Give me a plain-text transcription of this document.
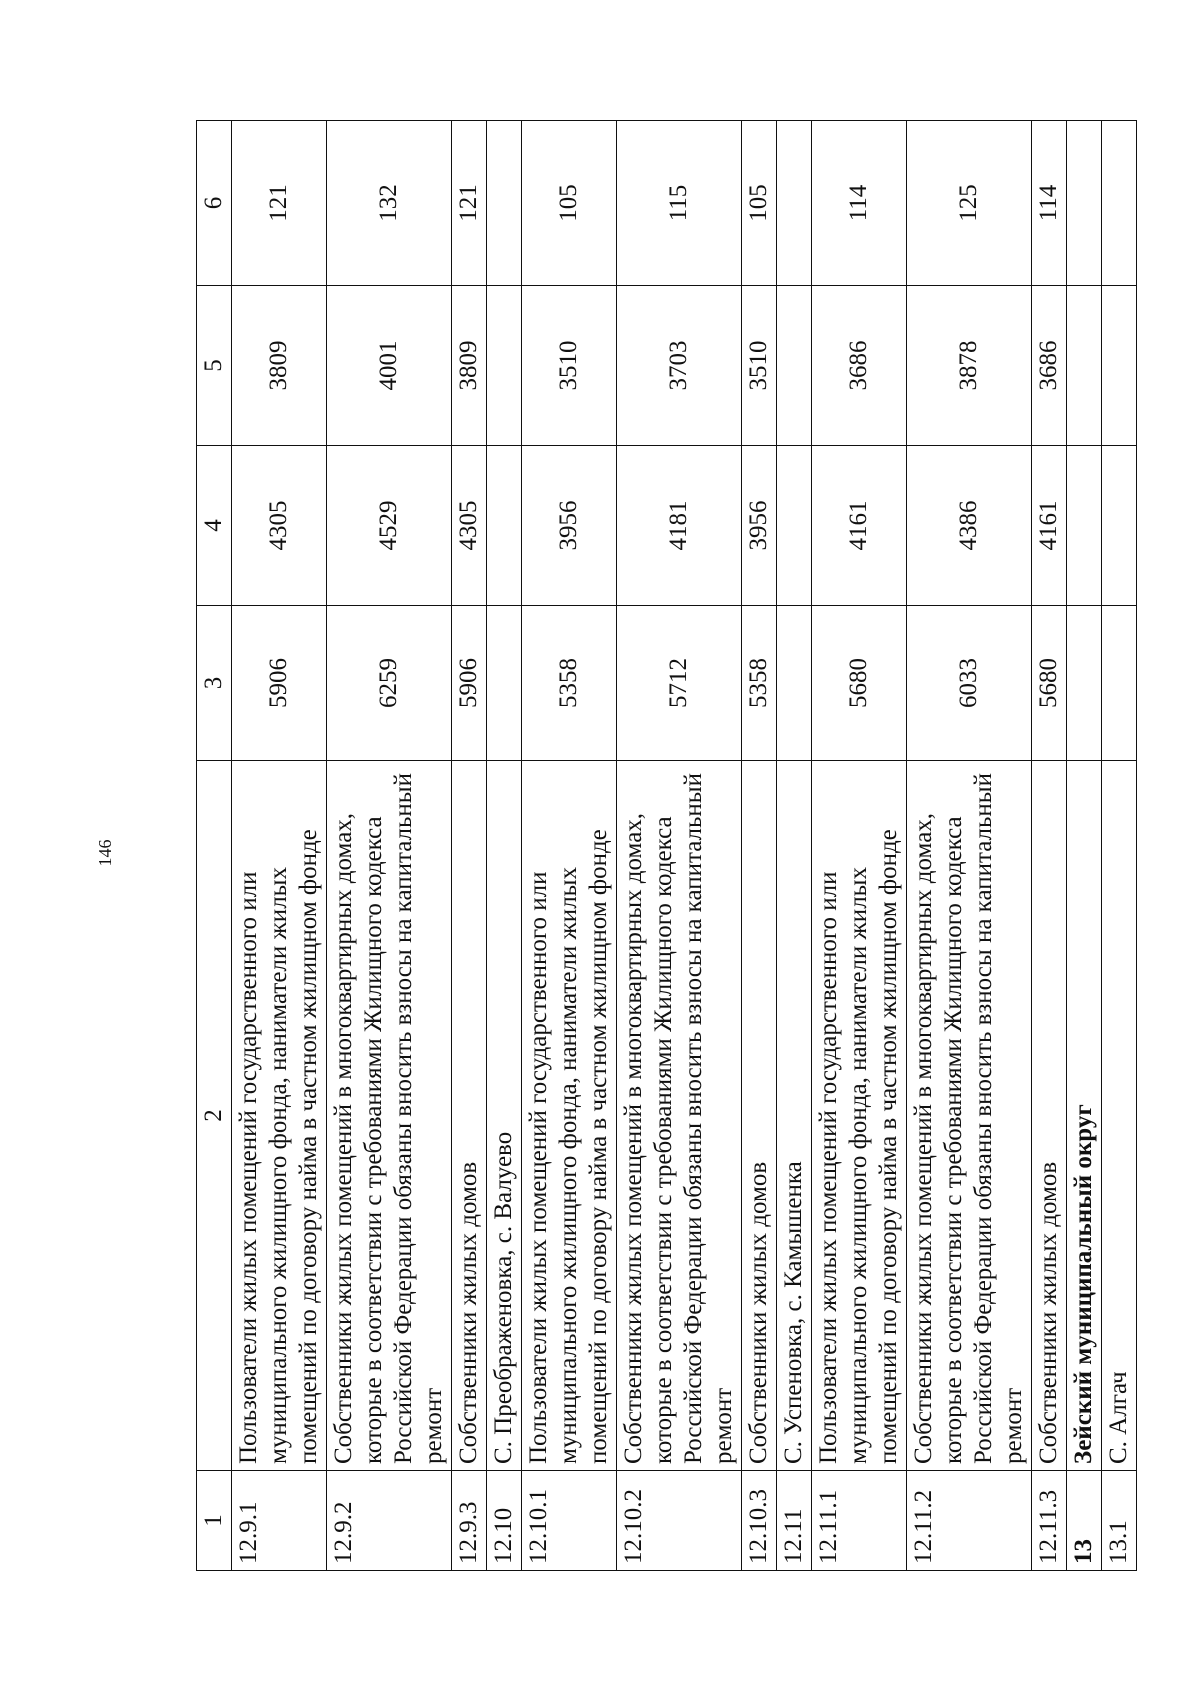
146
1	2	3	4	5	6
12.9.1	Пользователи жилых помещений государственного или муниципального жилищного фонда, наниматели жилых помещений по договору найма в частном жилищном фонде	5906	4305	3809	121
12.9.2	Собственники жилых помещений в многоквартирных домах, которые в соответствии с требованиями Жилищного кодекса Российской Федерации обязаны вносить взносы на капитальный ремонт	6259	4529	4001	132
12.9.3	Собственники жилых домов	5906	4305	3809	121
12.10	С. Преображеновка, с. Валуево				
12.10.1	Пользователи жилых помещений государственного или муниципального жилищного фонда, наниматели жилых помещений по договору найма в частном жилищном фонде	5358	3956	3510	105
12.10.2	Собственники жилых помещений в многоквартирных домах, которые в соответствии с требованиями Жилищного кодекса Российской Федерации обязаны вносить взносы на капитальный ремонт	5712	4181	3703	115
12.10.3	Собственники жилых домов	5358	3956	3510	105
12.11	С. Успеновка, с. Камышенка				
12.11.1	Пользователи жилых помещений государственного или муниципального жилищного фонда, наниматели жилых помещений по договору найма в частном жилищном фонде	5680	4161	3686	114
12.11.2	Собственники жилых помещений в многоквартирных домах, которые в соответствии с требованиями Жилищного кодекса Российской Федерации обязаны вносить взносы на капитальный ремонт	6033	4386	3878	125
12.11.3	Собственники жилых домов	5680	4161	3686	114
13	Зейский муниципальный округ				
13.1	С. Алгач				
